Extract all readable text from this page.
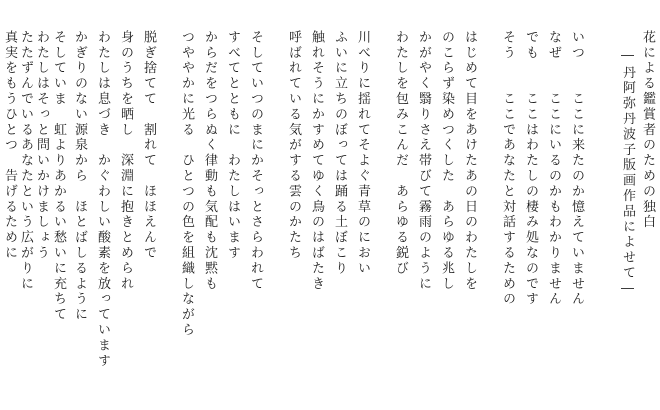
花による鑑賞者のための独白
―丹阿弥丹波子版画作品によせて―
いつ　　ここに来たのか憶えていません
なぜ　　ここにいるのかもわかりません
でも　　ここはわたしの棲み処なのです
そう　　ここであなたと対話するための
はじめて目をあけたあの日のわたしを
のこらず染めつくした　あらゆる兆し
かがやく翳りさえ帯びて霧雨のように
わたしを包みこんだ　あらゆる鋭び
川べりに揺れてそよぐ青草のにおい
ふいに立ちのぼっては踊る土ぼこり
触れそうにかすめてゆく鳥のはばたき
呼ばれている気がする雲のかたち
そしていつのまにかそっとさらわれて
すべてとともに　わたしはいます
からだをつらぬく律動も気配も沈黙も
つややかに光る　ひとつの色を組織しながら
脱ぎ捨てて　割れて　ほほえんで
身のうちを晒し　深淵に抱きとめられ
わたしは息づき　かぐわしい酸素を放っています
かぎりのない源泉から　ほとばしるように
そしていま　虹よりあかるい愁いに充ちて
わたしはそっと問いかけましょう
たたずんでいるあなたという広がりに
真実をもうひとつ　告げるために
